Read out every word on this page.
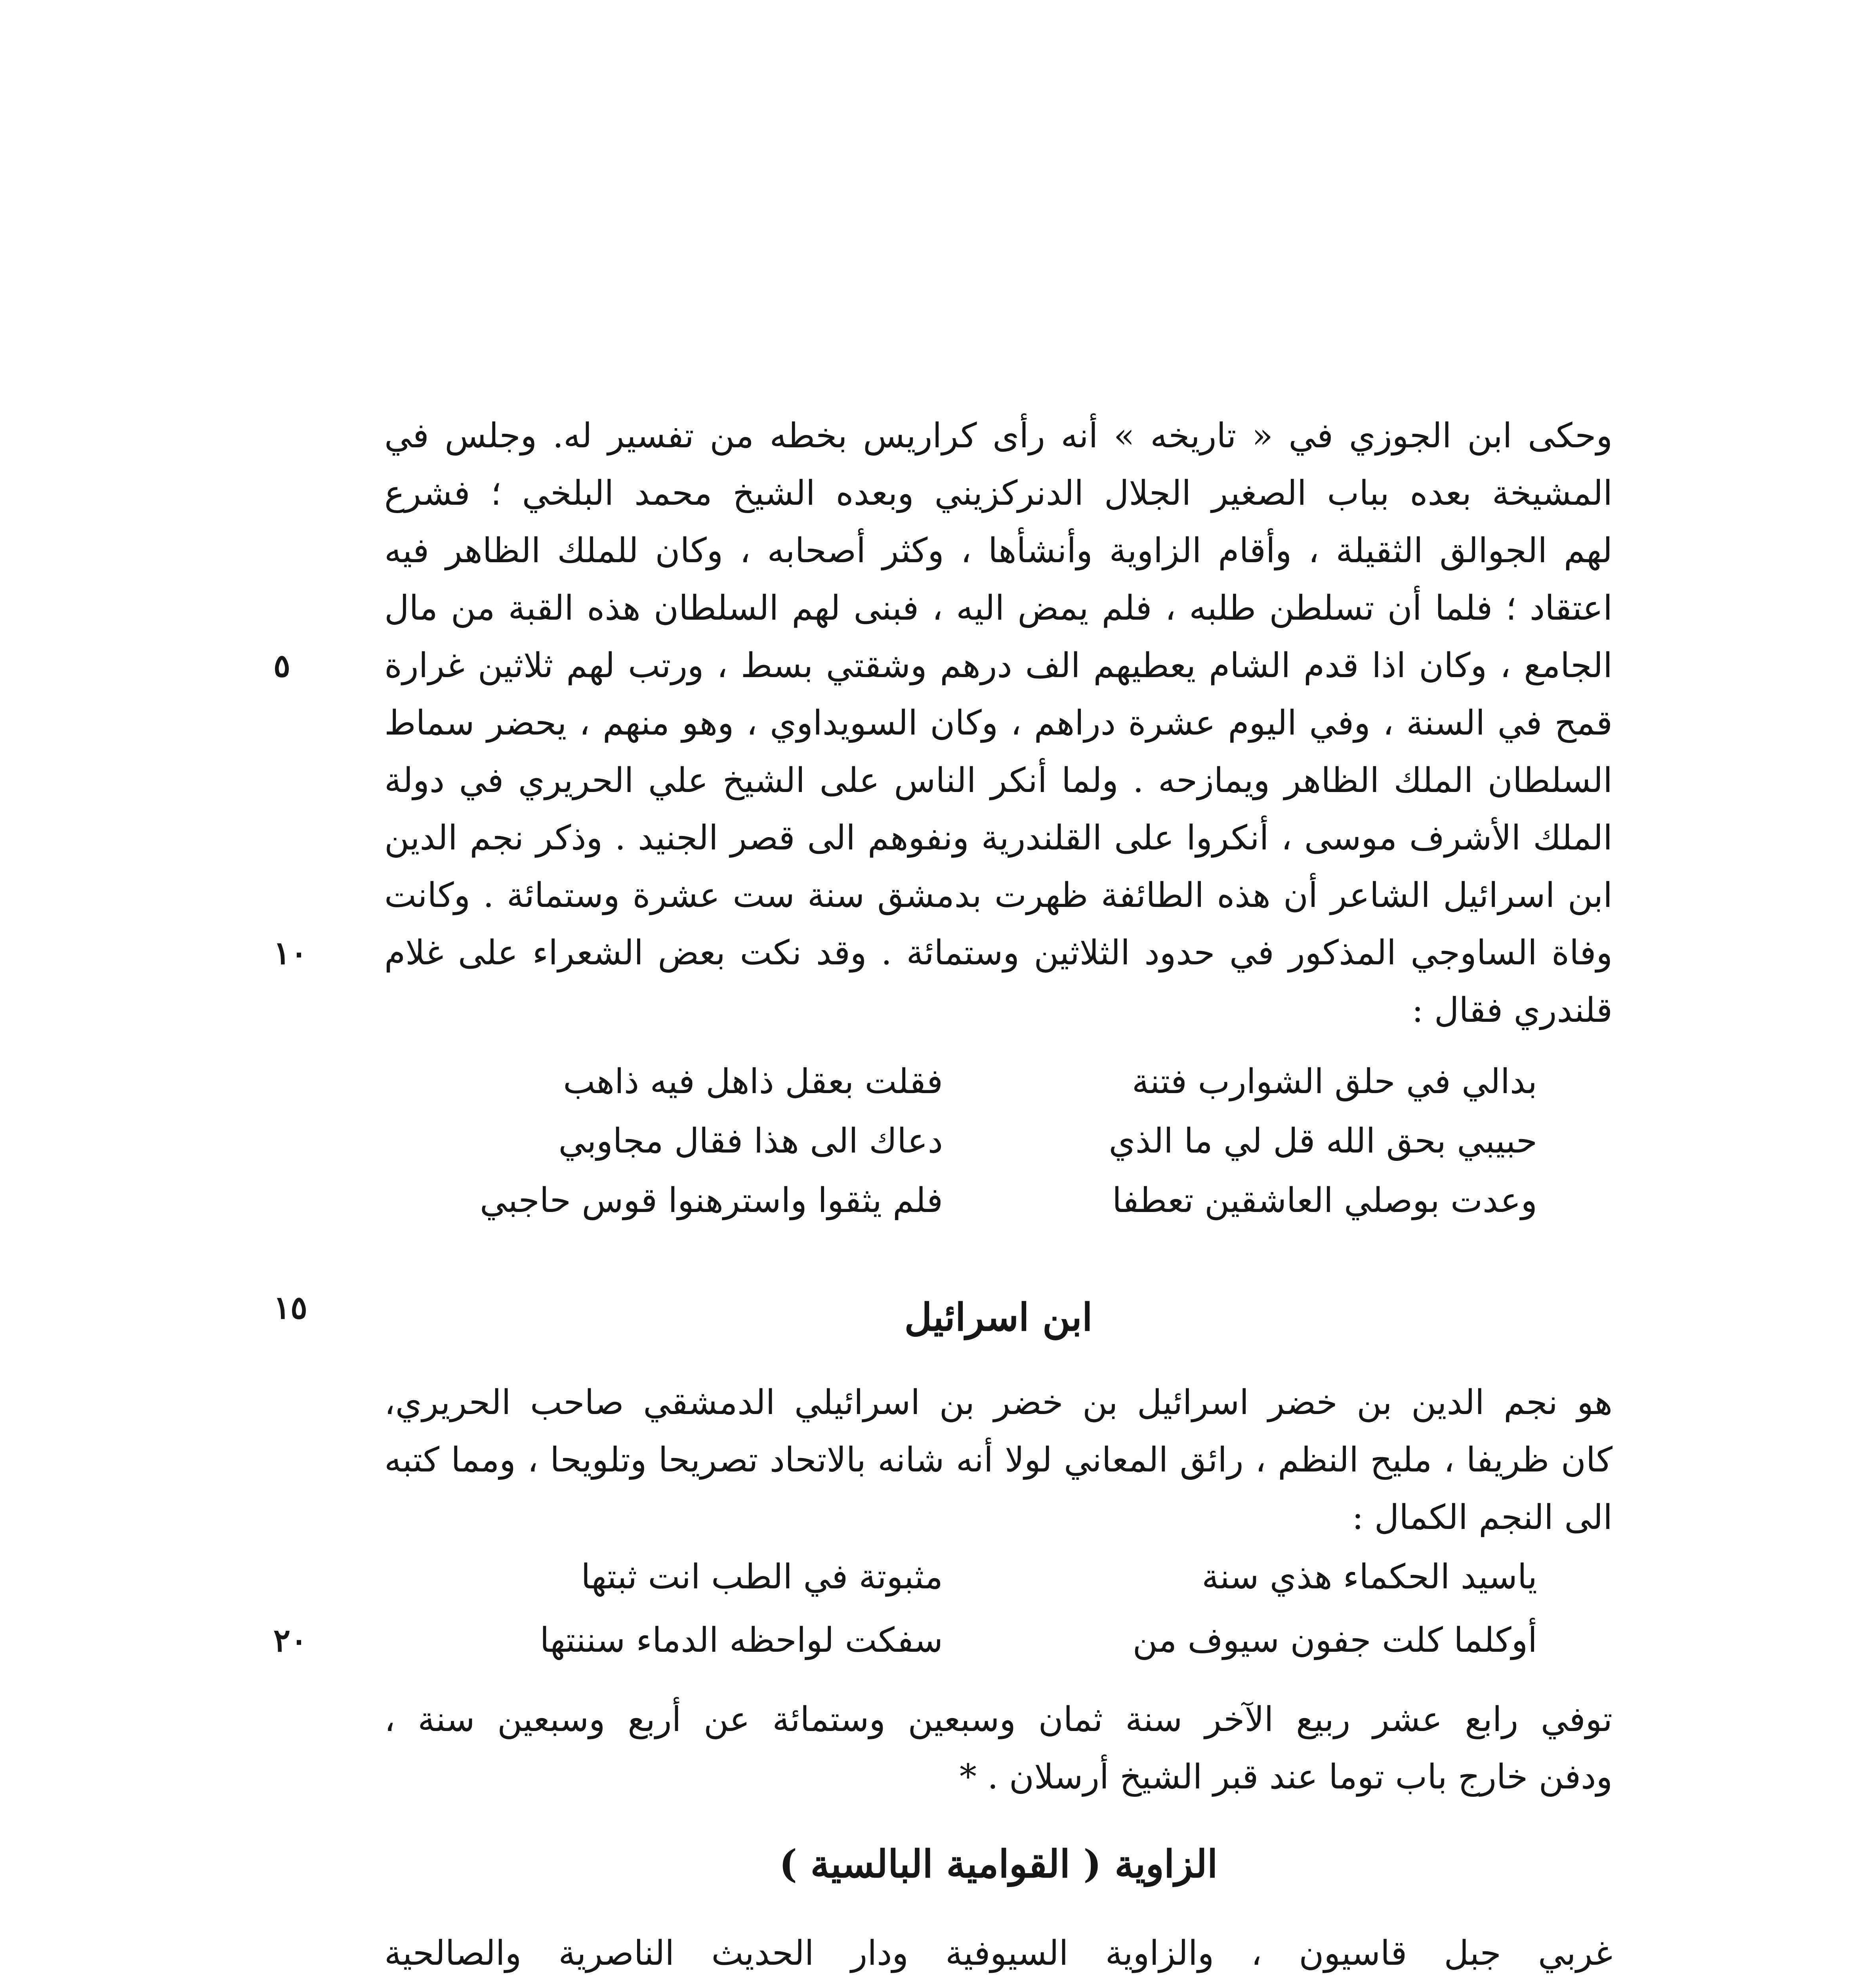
وحكى ابن الجوزي في « تاريخه » أنه رأى كراريس بخطه من تفسير له. وجلس في
المشيخة بعده بباب الصغير الجلال الدنركزيني وبعده الشيخ محمد البلخي ؛ فشرع
لهم الجوالق الثقيلة ، وأقام الزاوية وأنشأها ، وكثر أصحابه ، وكان للملك الظاهر فيه
اعتقاد ؛ فلما أن تسلطن طلبه ، فلم يمض اليه ، فبنى لهم السلطان هذه القبة من مال
الجامع ، وكان اذا قدم الشام يعطيهم الف درهم وشقتي بسط ، ورتب لهم ثلاثين غرارة
قمح في السنة ، وفي اليوم عشرة دراهم ، وكان السويداوي ، وهو منهم ، يحضر سماط
السلطان الملك الظاهر ويمازحه . ولما أنكر الناس على الشيخ علي الحريري في دولة
الملك الأشرف موسى ، أنكروا على القلندرية ونفوهم الى قصر الجنيد . وذكر نجم الدين
ابن اسرائيل الشاعر أن هذه الطائفة ظهرت بدمشق سنة ست عشرة وستمائة . وكانت
وفاة الساوجي المذكور في حدود الثلاثين وستمائة . وقد نكت بعض الشعراء على غلام
قلندري فقال :
بدالي في حلق الشوارب فتنة
فقلت بعقل ذاهل فيه ذاهب
حبيبي بحق الله قل لي ما الذي
دعاك الى هذا فقال مجاوبي
وعدت بوصلي العاشقين تعطفا
فلم يثقوا واسترهنوا قوس حاجبي
ابن اسرائيل
هو نجم الدين بن خضر اسرائيل بن خضر بن اسرائيلي الدمشقي صاحب الحريري،
كان ظريفا ، مليح النظم ، رائق المعاني لولا أنه شانه بالاتحاد تصريحا وتلويحا ، ومما كتبه
الى النجم الكمال :
ياسيد الحكماء هذي سنة
مثبوتة في الطب انت ثبتها
أوكلما كلت جفون سيوف من
سفكت لواحظه الدماء سننتها
توفي رابع عشر ربيع الآخر سنة ثمان وسبعين وستمائة عن أربع وسبعين سنة ،
ودفن خارج باب توما عند قبر الشيخ أرسلان . *
الزاوية ( القوامية البالسية )
غربي جبل قاسيون ، والزاوية السيوفية ودار الحديث الناصرية والصالحية
٥
١٠
١٥
٢٠
